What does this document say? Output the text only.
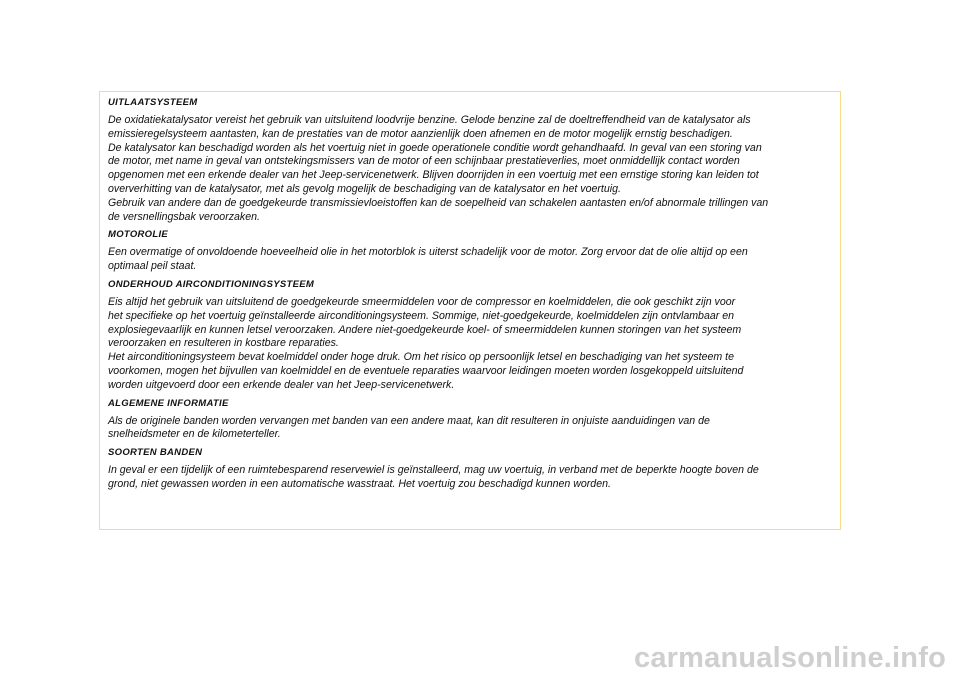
UITLAATSYSTEEM

De oxidatiekatalysator vereist het gebruik van uitsluitend loodvrije benzine. Gelode benzine zal de doeltreffendheid van de katalysator als
emissieregelsysteem aantasten, kan de prestaties van de motor aanzienlijk doen afnemen en de motor mogelijk ernstig beschadigen.
De katalysator kan beschadigd worden als het voertuig niet in goede operationele conditie wordt gehandhaafd. In geval van een storing van
de motor, met name in geval van ontstekingsmissers van de motor of een schijnbaar prestatieverlies, moet onmiddellijk contact worden
opgenomen met een erkende dealer van het Jeep-servicenetwerk. Blijven doorrijden in een voertuig met een ernstige storing kan leiden tot
oververhitting van de katalysator, met als gevolg mogelijk de beschadiging van de katalysator en het voertuig.
Gebruik van andere dan de goedgekeurde transmissievloeistoffen kan de soepelheid van schakelen aantasten en/of abnormale trillingen van
de versnellingsbak veroorzaken.

MOTOROLIE

Een overmatige of onvoldoende hoeveelheid olie in het motorblok is uiterst schadelijk voor de motor. Zorg ervoor dat de olie altijd op een
optimaal peil staat.

ONDERHOUD AIRCONDITIONINGSYSTEEM

Eis altijd het gebruik van uitsluitend de goedgekeurde smeermiddelen voor de compressor en koelmiddelen, die ook geschikt zijn voor
het specifieke op het voertuig geïnstalleerde airconditioningsysteem. Sommige, niet-goedgekeurde, koelmiddelen zijn ontvlambaar en
explosiegevaarlijk en kunnen letsel veroorzaken. Andere niet-goedgekeurde koel- of smeermiddelen kunnen storingen van het systeem
veroorzaken en resulteren in kostbare reparaties.
Het airconditioningsysteem bevat koelmiddel onder hoge druk. Om het risico op persoonlijk letsel en beschadiging van het systeem te
voorkomen, mogen het bijvullen van koelmiddel en de eventuele reparaties waarvoor leidingen moeten worden losgekoppeld uitsluitend
worden uitgevoerd door een erkende dealer van het Jeep-servicenetwerk.

ALGEMENE INFORMATIE

Als de originele banden worden vervangen met banden van een andere maat, kan dit resulteren in onjuiste aanduidingen van de
snelheidsmeter en de kilometerteller.

SOORTEN BANDEN

In geval er een tijdelijk of een ruimtebesparend reservewiel is geïnstalleerd, mag uw voertuig, in verband met de beperkte hoogte boven de
grond, niet gewassen worden in een automatische wasstraat. Het voertuig zou beschadigd kunnen worden.

carmanualsonline.info
